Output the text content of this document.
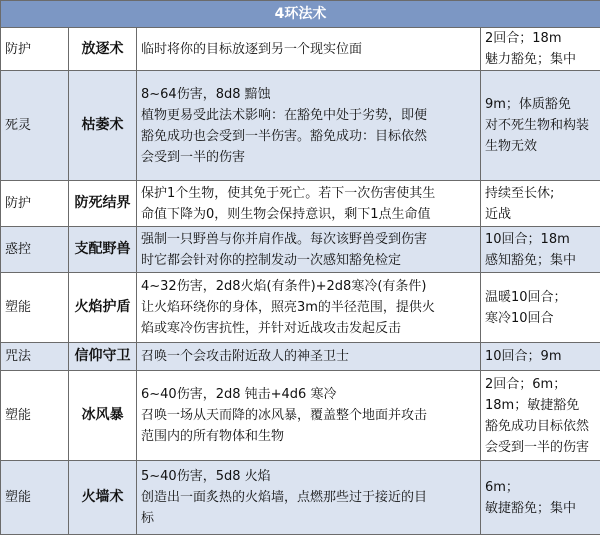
4环法术			
防护	放逐术	临时将你的目标放逐到另一个现实位面	2回合；18m
魅力豁免；集中

死灵	枯萎术	8~64伤害，8d8 黯蚀
植物更易受此法术影响：在豁免中处于劣势，即便
豁免成功也会受到一半伤害。豁免成功：目标依然
会受到一半的伤害	9m；体质豁免
对不死生物和构装
生物无效

防护	防死结界	保护1个生物，使其免于死亡。若下一次伤害使其生
命值下降为0，则生物会保持意识，剩下1点生命值	持续至长休;
近战

惑控	支配野兽	强制一只野兽与你并肩作战。每次该野兽受到伤害
时它都会针对你的控制发动一次感知豁免检定	10回合；18m
感知豁免；集中

塑能	火焰护盾	4~32伤害，2d8火焰(有条件)+2d8寒冷(有条件)
让火焰环绕你的身体，照亮3m的半径范围，提供火
焰或寒冷伤害抗性，并针对近战攻击发起反击	温暖10回合；
寒冷10回合

咒法	信仰守卫	召唤一个会攻击附近敌人的神圣卫士	10回合；9m

塑能	冰风暴	6~40伤害，2d8 钝击+4d6 寒冷
召唤一场从天而降的冰风暴，覆盖整个地面并攻击
范围内的所有物体和生物	2回合；6m；
18m；敏捷豁免
豁免成功目标依然
会受到一半的伤害

塑能	火墙术	5~40伤害，5d8 火焰
创造出一面炙热的火焰墙，点燃那些过于接近的目
标	6m；
敏捷豁免；集中
